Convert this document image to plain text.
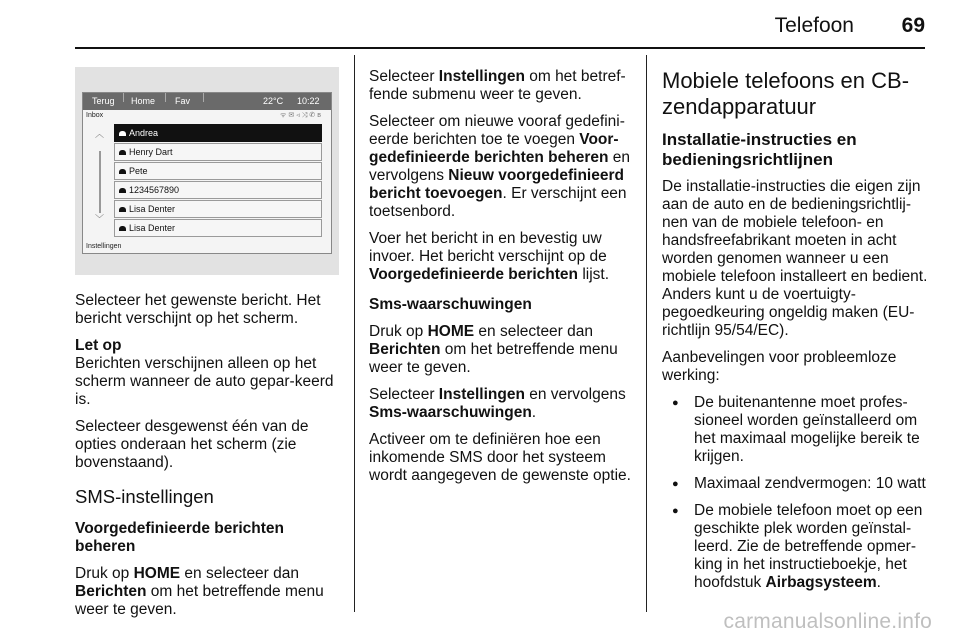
Telefoon 69
Terug Home Fav	22°C 10:22
Inbox	ᯤ✉◃⤨✆ʙ
︿
﹀
Andrea
Henry Dart
Pete
1234567890
Lisa Denter
Lisa Denter
Instellingen

Selecteer het gewenste bericht. Het bericht verschijnt op het scherm.

Let op

Berichten verschijnen alleen op het scherm wanneer de auto gepar-keerd is.

Selecteer desgewenst één van de opties onderaan het scherm (zie bovenstaand).

SMS-instellingen

Voorgedefinieerde berichten beheren

Druk op HOME en selecteer dan Berichten om het betreffende menu weer te geven.

Selecteer Instellingen om het betref-fende submenu weer te geven.

Selecteer om nieuwe vooraf gedefini-eerde berichten toe te voegen Voor-gedefinieerde berichten beheren en vervolgens Nieuw voorgedefinieerd bericht toevoegen. Er verschijnt een toetsenbord.

Voer het bericht in en bevestig uw invoer. Het bericht verschijnt op de Voorgedefinieerde berichten lijst.

Sms-waarschuwingen

Druk op HOME en selecteer dan Berichten om het betreffende menu weer te geven.

Selecteer Instellingen en vervolgens Sms-waarschuwingen.

Activeer om te definiëren hoe een inkomende SMS door het systeem wordt aangegeven de gewenste optie.

Mobiele telefoons en CB-zendapparatuur
Installatie-instructies en bedieningsrichtlijnen

De installatie-instructies die eigen zijn aan de auto en de bedieningsrichtlij-nen van de mobiele telefoon- en handsfreefabrikant moeten in acht worden genomen wanneer u een mobiele telefoon installeert en bedient. Anders kunt u de voertuigty-pegoedkeuring ongeldig maken (EU-richtlijn 95/54/EC).

Aanbevelingen voor probleemloze werking:

● De buitenantenne moet profes-sioneel worden geïnstalleerd om het maximaal mogelijke bereik te krijgen.
● Maximaal zendvermogen: 10 watt
● De mobiele telefoon moet op een geschikte plek worden geïnstal-leerd. Zie de betreffende opmer-king in het instructieboekje, het hoofdstuk Airbagsysteem.
carmanualsonline.info
